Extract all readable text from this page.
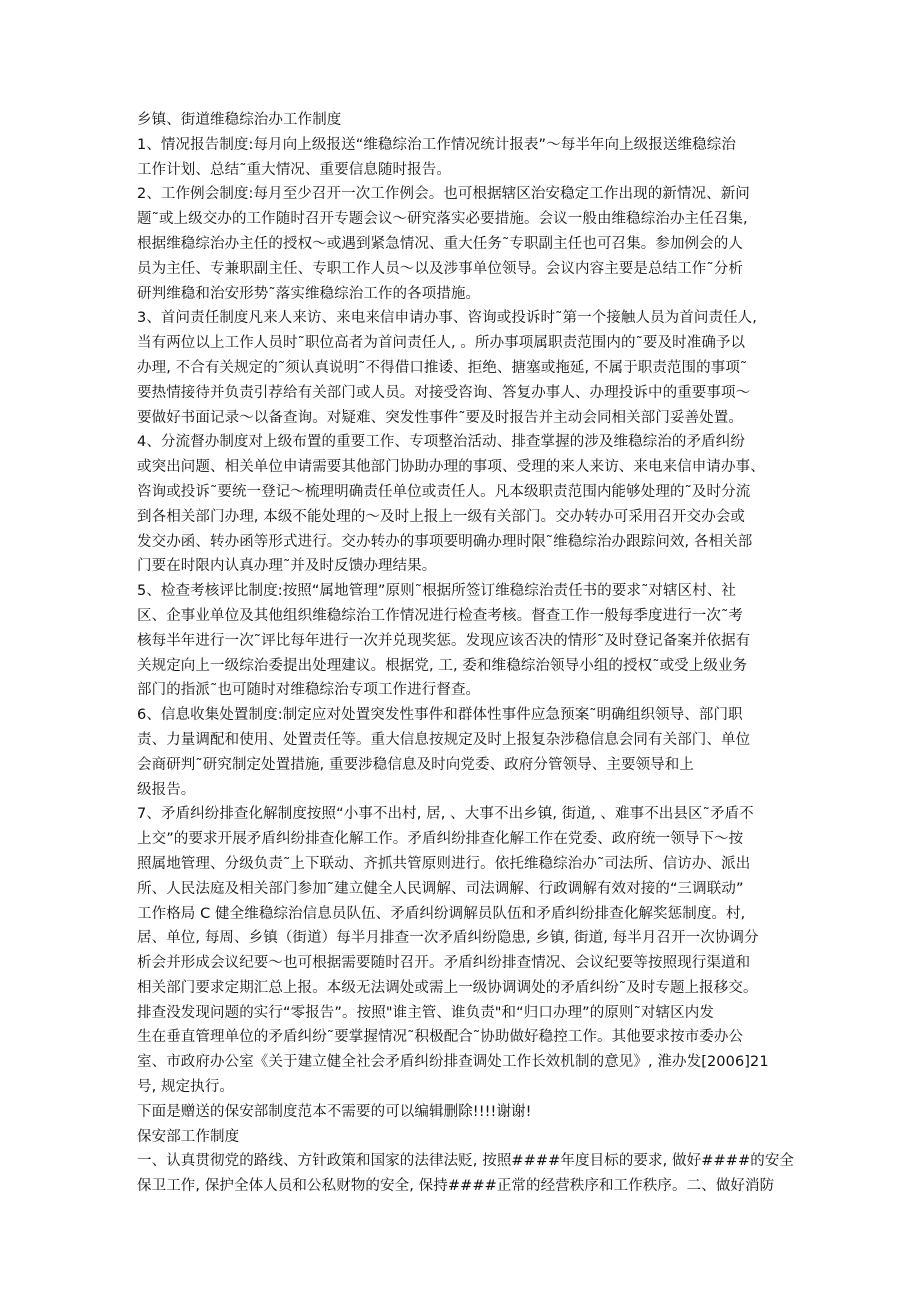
乡镇、街道维稳综治办工作制度
1、情况报告制度:每月向上级报送“维稳综治工作情况统计报表”～每半年向上级报送维稳综治
工作计划、总结˜重大情况、重要信息随时报告。
2、工作例会制度:每月至少召开一次工作例会。也可根据辖区治安稳定工作出现的新情况、新问
题˜或上级交办的工作随时召开专题会议～研究落实必要措施。会议一般由维稳综治办主任召集,
根据维稳综治办主任的授权～或遇到紧急情况、重大任务˜专职副主任也可召集。参加例会的人
员为主任、专兼职副主任、专职工作人员～以及涉事单位领导。会议内容主要是总结工作˜分析
研判维稳和治安形势˜落实维稳综治工作的各项措施。
3、首问责任制度凡来人来访、来电来信申请办事、咨询或投诉时˜第一个接触人员为首问责任人,
当有两位以上工作人员时˜职位高者为首问责任人, 。所办事项属职责范围内的˜要及时准确予以
办理, 不合有关规定的˜须认真说明˜不得借口推诿、拒绝、搪塞或拖延, 不属于职责范围的事项˜
要热情接待并负责引荐给有关部门或人员。对接受咨询、答复办事人、办理投诉中的重要事项～
要做好书面记录～以备查询。对疑难、突发性事件˜要及时报告并主动会同相关部门妥善处置。
4、分流督办制度对上级布置的重要工作、专项整治活动、排查掌握的涉及维稳综治的矛盾纠纷
或突出问题、相关单位申请需要其他部门协助办理的事项、受理的来人来访、来电来信申请办事、
咨询或投诉˜要统一登记～梳理明确责任单位或责任人。凡本级职责范围内能够处理的˜及时分流
到各相关部门办理, 本级不能处理的～及时上报上一级有关部门。交办转办可采用召开交办会或
发交办函、转办函等形式进行。交办转办的事项要明确办理时限˜维稳综治办跟踪问效, 各相关部
门要在时限内认真办理˜并及时反馈办理结果。
5、检查考核评比制度:按照“属地管理”原则˜根据所签订维稳综治责任书的要求˜对辖区村、社
区、企事业单位及其他组织维稳综治工作情况进行检查考核。督查工作一般每季度进行一次˜考
核每半年进行一次˜评比每年进行一次并兑现奖惩。发现应该否决的情形˜及时登记备案并依据有
关规定向上一级综治委提出处理建议。根据党, 工, 委和维稳综治领导小组的授权˜或受上级业务
部门的指派˜也可随时对维稳综治专项工作进行督查。
6、信息收集处置制度:制定应对处置突发性事件和群体性事件应急预案˜明确组织领导、部门职
责、力量调配和使用、处置责任等。重大信息按规定及时上报复杂涉稳信息会同有关部门、单位
会商研判˜研究制定处置措施, 重要涉稳信息及时向党委、政府分管领导、主要领导和上
级报告。
7、矛盾纠纷排查化解制度按照“小事不出村, 居, 、大事不出乡镇, 街道, 、难事不出县区˜矛盾不
上交”的要求开展矛盾纠纷排查化解工作。矛盾纠纷排查化解工作在党委、政府统一领导下～按
照属地管理、分级负责˜上下联动、齐抓共管原则进行。依托维稳综治办˜司法所、信访办、派出
所、人民法庭及相关部门参加˜建立健全人民调解、司法调解、行政调解有效对接的“三调联动”
工作格局 C 健全维稳综治信息员队伍、矛盾纠纷调解员队伍和矛盾纠纷排查化解奖惩制度。村,
居、单位, 每周、乡镇（街道）每半月排查一次矛盾纠纷隐患, 乡镇, 街道, 每半月召开一次协调分
析会并形成会议纪要～也可根据需要随时召开。矛盾纠纷排查情况、会议纪要等按照现行渠道和
相关部门要求定期汇总上报。本级无法调处或需上一级协调调处的矛盾纠纷˜及时专题上报移交。
排查没发现问题的实行“零报告”。按照"谁主管、谁负责"和“归口办理”的原则˜对辖区内发
生在垂直管理单位的矛盾纠纷˜要掌握情况˜积极配合˜协助做好稳控工作。其他要求按市委办公
室、市政府办公室《关于建立健全社会矛盾纠纷排查调处工作长效机制的意见》, 淮办发[2006]21
号, 规定执行。
下面是赠送的保安部制度范本不需要的可以编辑删除!!!!谢谢!
保安部工作制度
一、认真贯彻党的路线、方针政策和国家的法律法贬, 按照####年度目标的要求, 做好####的安全
保卫工作, 保护全体人员和公私财物的安全, 保持####正常的经营秩序和工作秩序。二、做好消防
